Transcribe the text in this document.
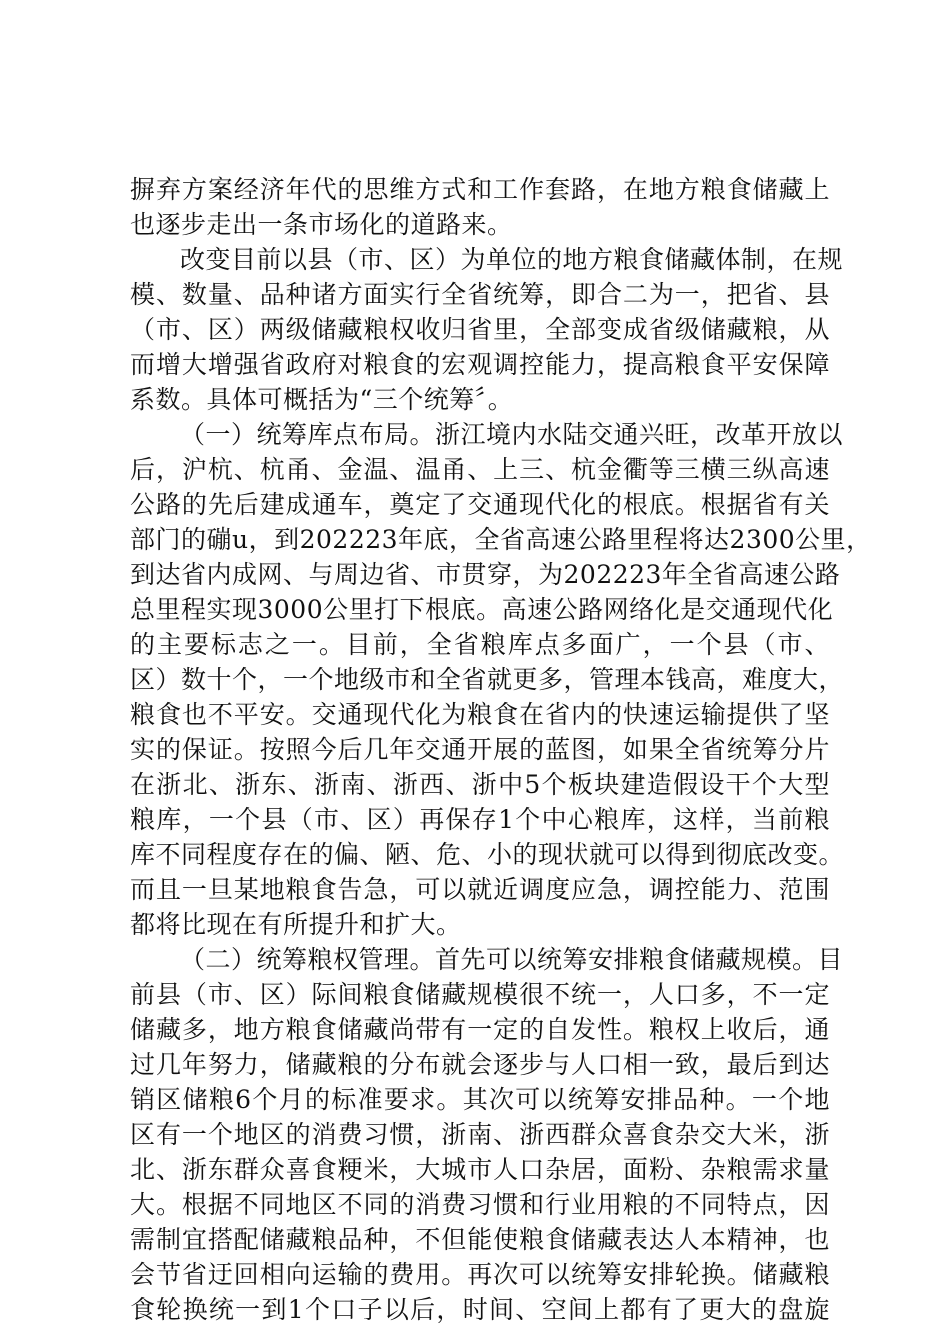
摒弃方案经济年代的思维方式和工作套路，在地方粮食储藏上
也逐步走出一条市场化的道路来。
改变目前以县（市、区）为单位的地方粮食储藏体制，在规
模、数量、品种诸方面实行全省统筹，即合二为一，把省、县
（市、区）两级储藏粮权收归省里，全部变成省级储藏粮，从
而增大增强省政府对粮食的宏观调控能力，提高粮食平安保障
系数。具体可概括为“三个统筹〞。
（一）统筹库点布局。浙江境内水陆交通兴旺，改革开放以
后，沪杭、杭甬、金温、温甬、上三、杭金衢等三横三纵高速
公路的先后建成通车，奠定了交通现代化的根底。根据省有关
部门的磞u，到202223年底，全省高速公路里程将达2300公里，
到达省内成网、与周边省、市贯穿，为202223年全省高速公路
总里程实现3000公里打下根底。高速公路网络化是交通现代化
的主要标志之一。目前，全省粮库点多面广，一个县（市、
区）数十个，一个地级市和全省就更多，管理本钱高，难度大，
粮食也不平安。交通现代化为粮食在省内的快速运输提供了坚
实的保证。按照今后几年交通开展的蓝图，如果全省统筹分片
在浙北、浙东、浙南、浙西、浙中5个板块建造假设干个大型
粮库，一个县（市、区）再保存1个中心粮库，这样，当前粮
库不同程度存在的偏、陋、危、小的现状就可以得到彻底改变。
而且一旦某地粮食告急，可以就近调度应急，调控能力、范围
都将比现在有所提升和扩大。
（二）统筹粮权管理。首先可以统筹安排粮食储藏规模。目
前县（市、区）际间粮食储藏规模很不统一，人口多，不一定
储藏多，地方粮食储藏尚带有一定的自发性。粮权上收后，通
过几年努力，储藏粮的分布就会逐步与人口相一致，最后到达
销区储粮6个月的标准要求。其次可以统筹安排品种。一个地
区有一个地区的消费习惯，浙南、浙西群众喜食杂交大米，浙
北、浙东群众喜食粳米，大城市人口杂居，面粉、杂粮需求量
大。根据不同地区不同的消费习惯和行业用粮的不同特点，因
需制宜搭配储藏粮品种，不但能使粮食储藏表达人本精神，也
会节省迂回相向运输的费用。再次可以统筹安排轮换。储藏粮
食轮换统一到1个口子以后，时间、空间上都有了更大的盘旋
